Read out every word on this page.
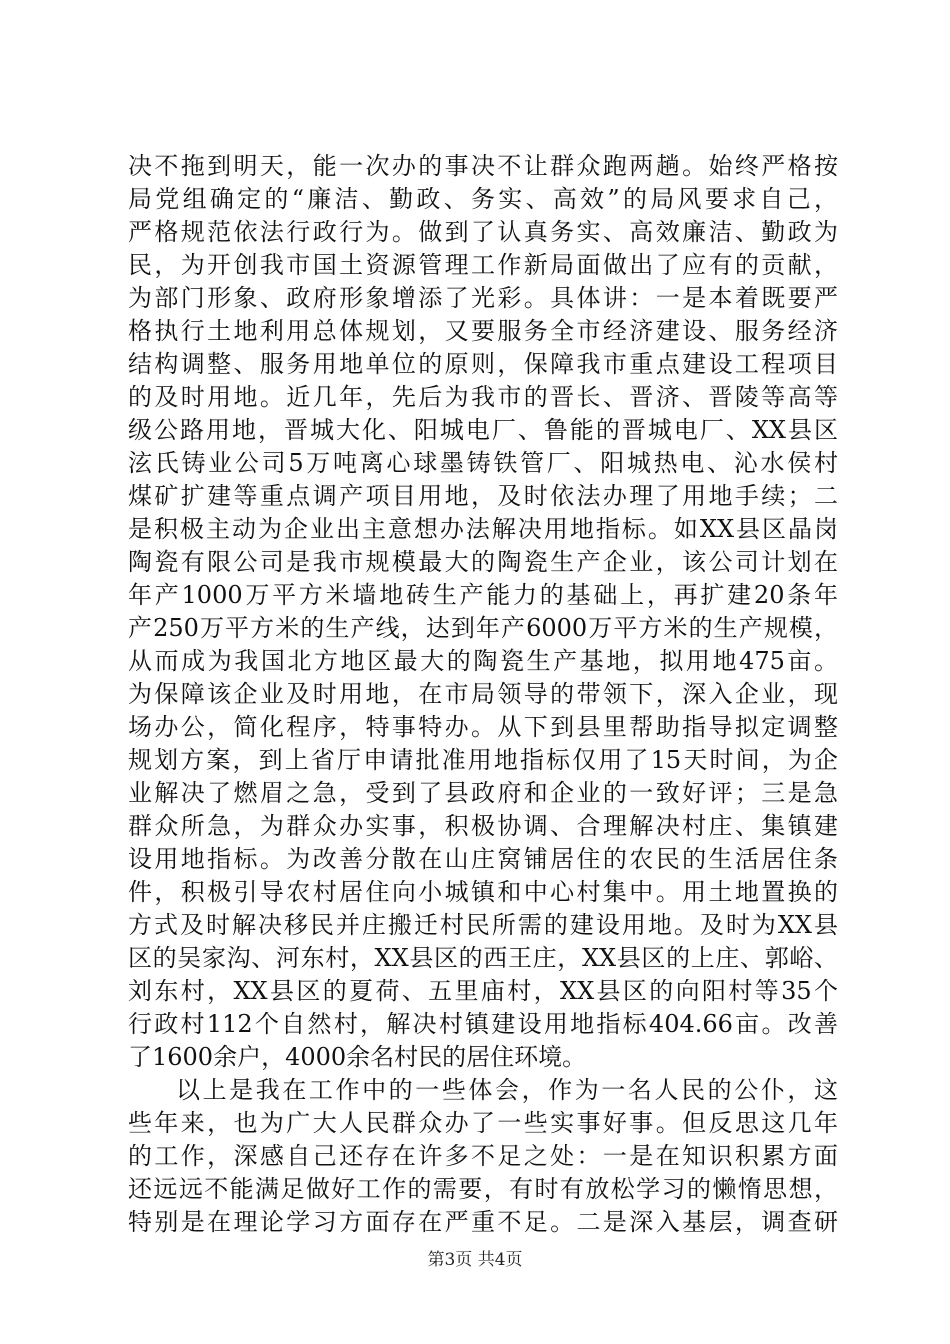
决不拖到明天，能一次办的事决不让群众跑两趟。始终严格按
局党组确定的“廉洁、勤政、务实、高效”的局风要求自己，
严格规范依法行政行为。做到了认真务实、高效廉洁、勤政为
民，为开创我市国土资源管理工作新局面做出了应有的贡献，
为部门形象、政府形象增添了光彩。具体讲：一是本着既要严
格执行土地利用总体规划，又要服务全市经济建设、服务经济
结构调整、服务用地单位的原则，保障我市重点建设工程项目
的及时用地。近几年，先后为我市的晋长、晋济、晋陵等高等
级公路用地，晋城大化、阳城电厂、鲁能的晋城电厂、XX县区
泫氏铸业公司5万吨离心球墨铸铁管厂、阳城热电、沁水侯村
煤矿扩建等重点调产项目用地，及时依法办理了用地手续；二
是积极主动为企业出主意想办法解决用地指标。如XX县区晶岗
陶瓷有限公司是我市规模最大的陶瓷生产企业，该公司计划在
年产1000万平方米墙地砖生产能力的基础上，再扩建20条年
产250万平方米的生产线，达到年产6000万平方米的生产规模，
从而成为我国北方地区最大的陶瓷生产基地，拟用地475亩。
为保障该企业及时用地，在市局领导的带领下，深入企业，现
场办公，简化程序，特事特办。从下到县里帮助指导拟定调整
规划方案，到上省厅申请批准用地指标仅用了15天时间，为企
业解决了燃眉之急，受到了县政府和企业的一致好评；三是急
群众所急，为群众办实事，积极协调、合理解决村庄、集镇建
设用地指标。为改善分散在山庄窝铺居住的农民的生活居住条
件，积极引导农村居住向小城镇和中心村集中。用土地置换的
方式及时解决移民并庄搬迁村民所需的建设用地。及时为XX县
区的吴家沟、河东村，XX县区的西王庄，XX县区的上庄、郭峪、
刘东村，XX县区的夏荷、五里庙村，XX县区的向阳村等35个
行政村112个自然村，解决村镇建设用地指标404.66亩。改善
了1600余户，4000余名村民的居住环境。
以上是我在工作中的一些体会，作为一名人民的公仆，这
些年来，也为广大人民群众办了一些实事好事。但反思这几年
的工作，深感自己还存在许多不足之处：一是在知识积累方面
还远远不能满足做好工作的需要，有时有放松学习的懒惰思想，
特别是在理论学习方面存在严重不足。二是深入基层，调查研
第3页 共4页
